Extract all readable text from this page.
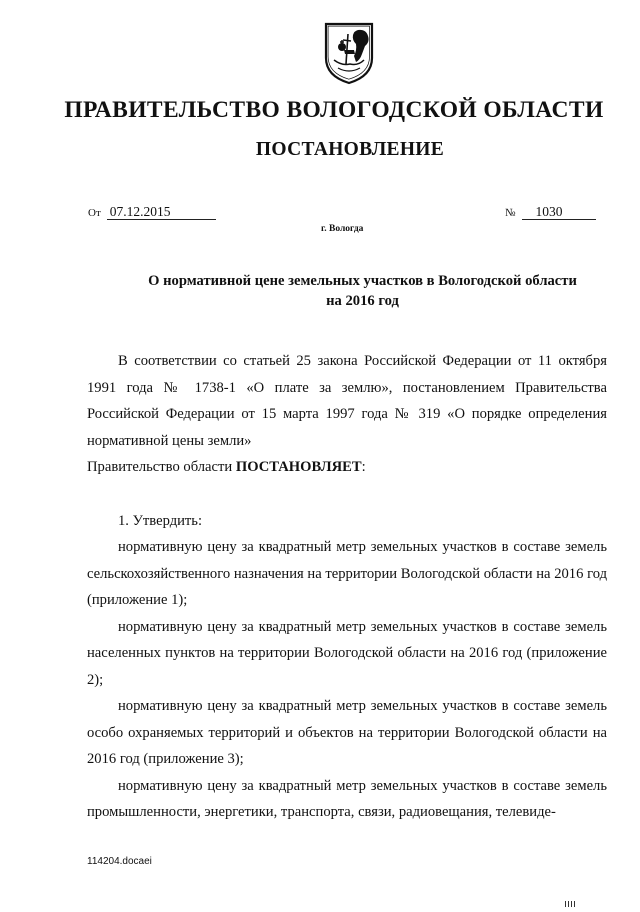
ПРАВИТЕЛЬСТВО ВОЛОГОДСКОЙ ОБЛАСТИ
ПОСТАНОВЛЕНИЕ
От 07.12.2015	№ 1030
г. Вологда
О нормативной цене земельных участков в Вологодской области
на 2016 год

В соответствии со статьей 25 закона Российской Федерации от 11 октября 1991 года № 1738-1 «О плате за землю», постановлением Правительства Российской Федерации от 15 марта 1997 года № 319 «О порядке определения нормативной цены земли»

Правительство области ПОСТАНОВЛЯЕТ:

1. Утвердить:

нормативную цену за квадратный метр земельных участков в составе земель сельскохозяйственного назначения на территории Вологодской области на 2016 год (приложение 1);

нормативную цену за квадратный метр земельных участков в составе земель населенных пунктов на территории Вологодской области на 2016 год (приложение 2);

нормативную цену за квадратный метр земельных участков в составе земель особо охраняемых территорий и объектов на территории Вологодской области на 2016 год (приложение 3);

нормативную цену за квадратный метр земельных участков в составе земель промышленности, энергетики, транспорта, связи, радиовещания, телевиде-

114204.docaei
